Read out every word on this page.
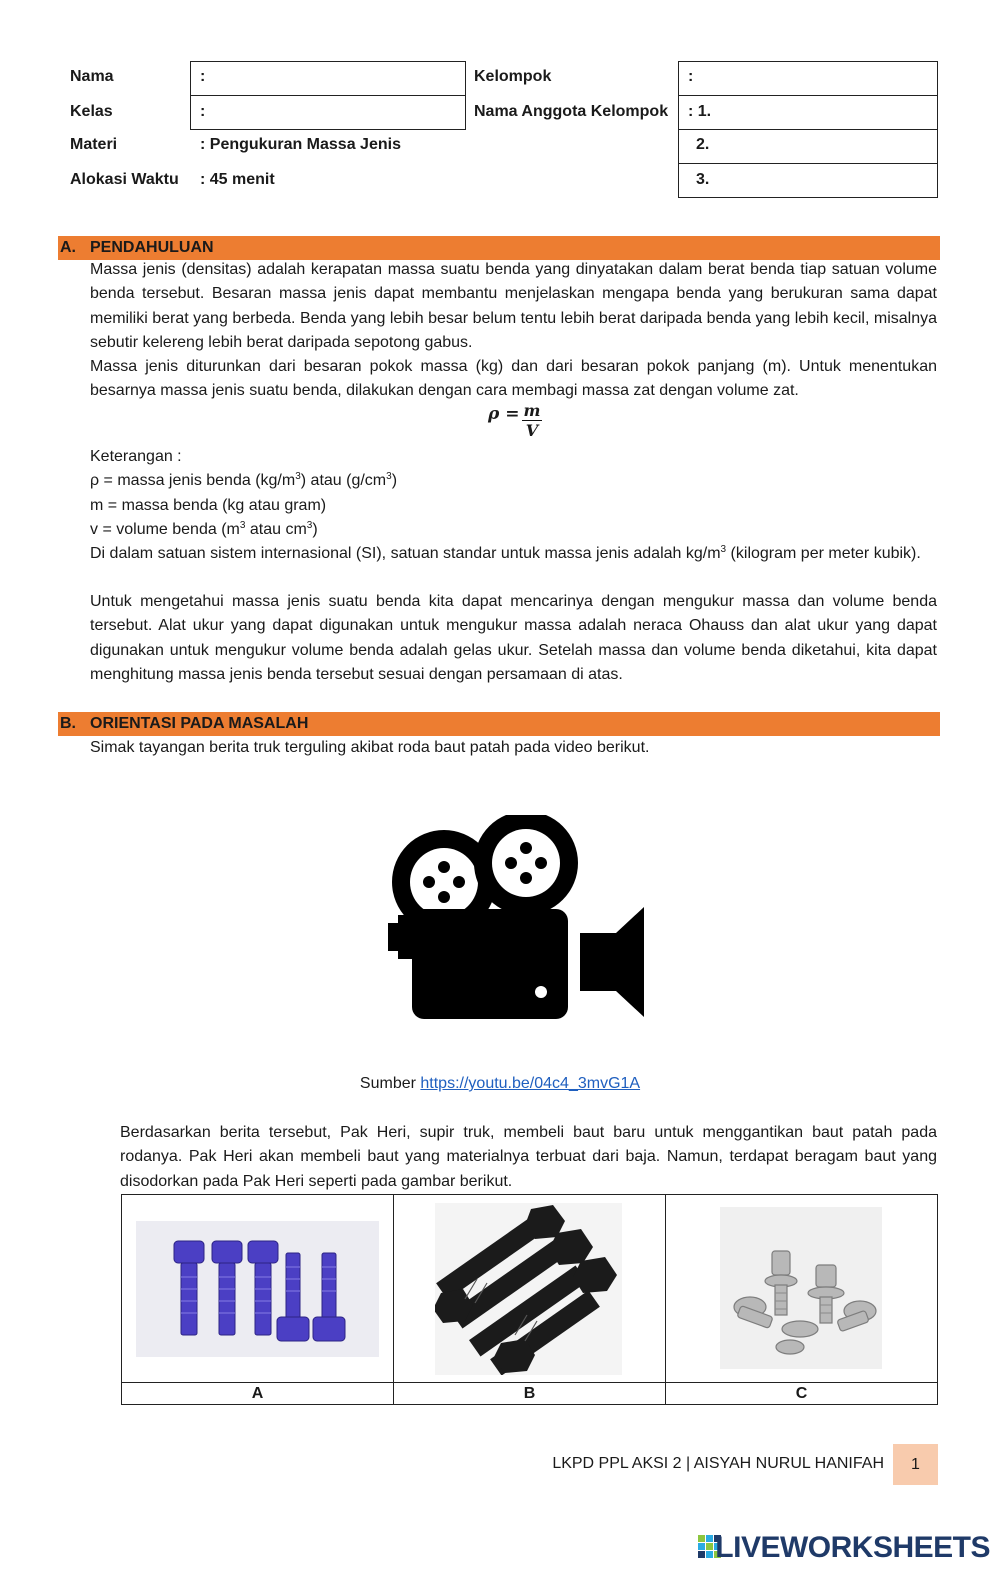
Nama	:
Kelas	:
Materi	: Pengukuran Massa Jenis
Alokasi Waktu : 45 menit
Kelompok	:
Nama Anggota Kelompok : 1.
2.
3.
A. PENDAHULUAN

Massa jenis (densitas) adalah kerapatan massa suatu benda yang dinyatakan dalam berat benda tiap satuan volume benda tersebut. Besaran massa jenis dapat membantu menjelaskan mengapa benda yang berukuran sama dapat memiliki berat yang berbeda. Benda yang lebih besar belum tentu lebih berat daripada benda yang lebih kecil, misalnya sebutir kelereng lebih berat daripada sepotong gabus.

Massa jenis diturunkan dari besaran pokok massa (kg) dan dari besaran pokok panjang (m). Untuk menentukan besarnya massa jenis suatu benda, dilakukan dengan cara membagi massa zat dengan volume zat.

$\rho = \frac{m}{V}$
Keterangan :
ρ = massa jenis benda $(kg/m^3)$ atau $(g/cm^3)$
m = massa benda (kg atau gram)
v = volume benda ($m^3$ atau $cm^3$)

Di dalam satuan sistem internasional (SI), satuan standar untuk massa jenis adalah $kg/m^3$ (kilogram per meter kubik).

Untuk mengetahui massa jenis suatu benda kita dapat mencarinya dengan mengukur massa dan volume benda tersebut. Alat ukur yang dapat digunakan untuk mengukur massa adalah neraca Ohauss dan alat ukur yang dapat digunakan untuk mengukur volume benda adalah gelas ukur. Setelah massa dan volume benda diketahui, kita dapat menghitung massa jenis benda tersebut sesuai dengan persamaan di atas.

B. ORIENTASI PADA MASALAH
Simak tayangan berita truk terguling akibat roda baut patah pada video berikut.
Sumber https://youtu.be/04c4_3mvG1A

Berdasarkan berita tersebut, Pak Heri, supir truk, membeli baut baru untuk menggantikan baut patah pada rodanya. Pak Heri akan membeli baut yang materialnya terbuat dari baja. Namun, terdapat beragam baut yang disodorkan pada Pak Heri seperti pada gambar berikut.

A	B	C
LKPD PPL AKSI 2 | AISYAH NURUL HANIFAH	1
LIVEWORKSHEETS
